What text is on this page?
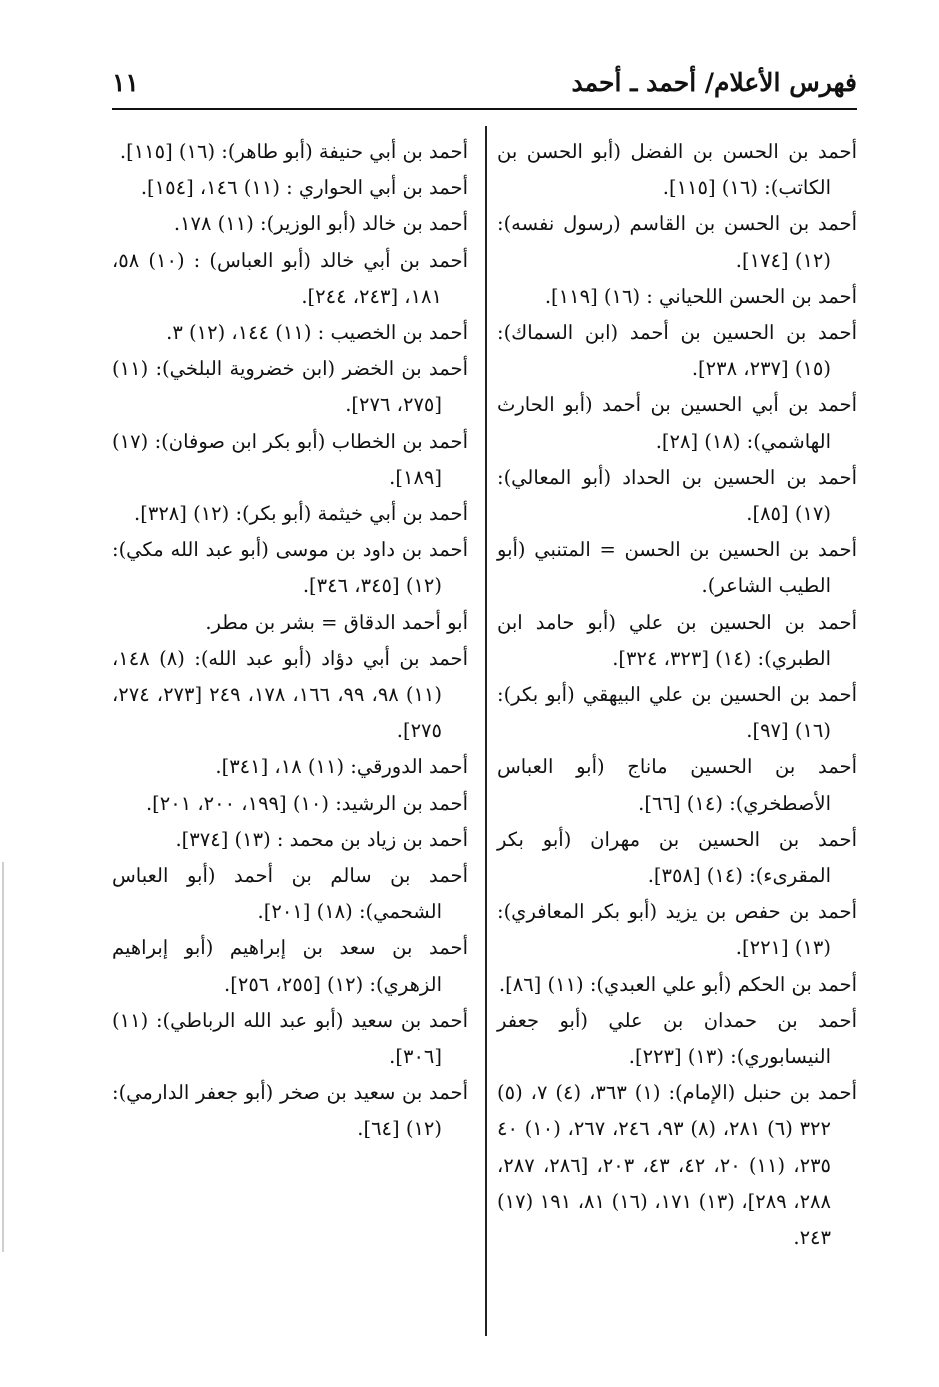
فهرس الأعلام/ أحمد ـ أحمد
١١

أحمد بن الحسن بن الفضل (أبو الحسن بن الكاتب): (١٦) [١١٥].

أحمد بن الحسن بن القاسم (رسول نفسه): (١٢) [١٧٤].

أحمد بن الحسن اللحياني : (١٦) [١١٩].

أحمد بن الحسين بن أحمد (ابن السماك): (١٥) [٢٣٧، ٢٣٨].

أحمد بن أبي الحسين بن أحمد (أبو الحارث الهاشمي): (١٨) [٢٨].

أحمد بن الحسين بن الحداد (أبو المعالي): (١٧) [٨٥].

أحمد بن الحسين بن الحسن = المتنبي (أبو الطيب الشاعر).

أحمد بن الحسين بن علي (أبو حامد ابن الطبري): (١٤) [٣٢٣، ٣٢٤].

أحمد بن الحسين بن علي البيهقي (أبو بكر): (١٦) [٩٧].

أحمد بن الحسين ماناج (أبو العباس الأصطخري): (١٤) [٦٦].

أحمد بن الحسين بن مهران (أبو بكر المقرىء): (١٤) [٣٥٨].

أحمد بن حفص بن يزيد (أبو بكر المعافري): (١٣) [٢٢١].

أحمد بن الحكم (أبو علي العبدي): (١١) [٨٦].

أحمد بن حمدان بن علي (أبو جعفر النيسابوري): (١٣) [٢٢٣].

أحمد بن حنبل (الإمام): (١) ٣٦٣، (٤) ٧، (٥) ٣٢٢ (٦) ٢٨١، (٨) ٩٣، ٢٤٦، ٢٦٧، (١٠) ٤٠ ٢٣٥، (١١) ٢٠، ٤٢، ٤٣، ٢٠٣، [٢٨٦، ٢٨٧، ٢٨٨، ٢٨٩]، (١٣) ١٧١، (١٦) ٨١، ١٩١ (١٧) ٢٤٣.

أحمد بن أبي حنيفة (أبو طاهر): (١٦) [١١٥].

أحمد بن أبي الحواري : (١١) ١٤٦، [١٥٤].

أحمد بن خالد (أبو الوزير): (١١) ١٧٨.

أحمد بن أبي خالد (أبو العباس) : (١٠) ٥٨، ١٨١، [٢٤٣، ٢٤٤].

أحمد بن الخصيب : (١١) ١٤٤، (١٢) ٣.

أحمد بن الخضر (ابن خضروية البلخي): (١١) [٢٧٥، ٢٧٦].

أحمد بن الخطاب (أبو بكر ابن صوفان): (١٧) [١٨٩].

أحمد بن أبي خيثمة (أبو بكر): (١٢) [٣٢٨].

أحمد بن داود بن موسى (أبو عبد الله مكي): (١٢) [٣٤٥، ٣٤٦].

أبو أحمد الدقاق = بشر بن مطر.

أحمد بن أبي دؤاد (أبو عبد الله): (٨) ١٤٨، (١١) ٩٨، ٩٩، ١٦٦، ١٧٨، ٢٤٩ [٢٧٣، ٢٧٤، ٢٧٥].

أحمد الدورقي: (١١) ١٨، [٣٤١].

أحمد بن الرشيد: (١٠) [١٩٩، ٢٠٠، ٢٠١].

أحمد بن زياد بن محمد : (١٣) [٣٧٤].

أحمد بن سالم بن أحمد (أبو العباس الشحمي): (١٨) [٢٠١].

أحمد بن سعد بن إبراهيم (أبو إبراهيم الزهري): (١٢) [٢٥٥، ٢٥٦].

أحمد بن سعيد (أبو عبد الله الرباطي): (١١) [٣٠٦].

أحمد بن سعيد بن صخر (أبو جعفر الدارمي): (١٢) [٦٤].
